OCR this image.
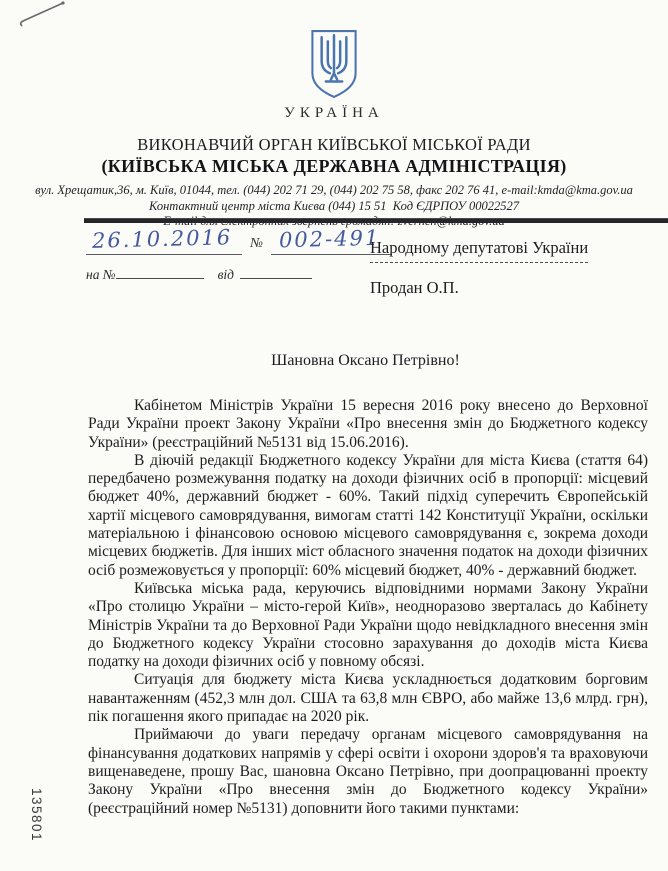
УКРАЇНА
ВИКОНАВЧИЙ ОРГАН КИЇВСЬКОЇ МІСЬКОЇ РАДИ
(КИЇВСЬКА МІСЬКА ДЕРЖАВНА АДМІНІСТРАЦІЯ)
вул. Хрещатик,36, м. Київ, 01044, тел. (044) 202 71 29, (044) 202 75 58, факс 202 76 41, e-mail:kmda@kma.gov.ua
Контактний центр міста Києва (044) 15 51  Код ЄДРПОУ 00022527
26.10.2016	№ 002-491
на №	від
Народному депутатові України
Продан О.П.
Шановна Оксано Петрівно!

Кабінетом Міністрів України 15 вересня 2016 року внесено до Верховної Ради України проект Закону України «Про внесення змін до Бюджетного кодексу України» (реєстраційний №5131 від 15.06.2016).

В діючій редакції Бюджетного кодексу України для міста Києва (стаття 64) передбачено розмежування податку на доходи фізичних осіб в пропорції: місцевий бюджет 40%, державний бюджет - 60%. Такий підхід суперечить Європейській хартії місцевого самоврядування, вимогам статті 142 Конституції України, оскільки матеріальною і фінансовою основою місцевого самоврядування є, зокрема доходи місцевих бюджетів. Для інших міст обласного значення податок на доходи фізичних осіб розмежовується у пропорції: 60% місцевий бюджет, 40% - державний бюджет.

Київська міська рада, керуючись відповідними нормами Закону України «Про столицю України – місто-герой Київ», неодноразово зверталась до Кабінету Міністрів України та до Верховної Ради України щодо невідкладного внесення змін до Бюджетного кодексу України стосовно зарахування до доходів міста Києва податку на доходи фізичних осіб у повному обсязі.

Ситуація для бюджету міста Києва ускладнюється додатковим борговим навантаженням (452,3 млн дол. США та 63,8 млн ЄВРО, або майже 13,6 млрд. грн), пік погашення якого припадає на 2020 рік.

Приймаючи до уваги передачу органам місцевого самоврядування на фінансування додаткових напрямів у сфері освіти і охорони здоров'я та враховуючи вищенаведене, прошу Вас, шановна Оксано Петрівно, при доопрацюванні проекту Закону України «Про внесення змін до Бюджетного кодексу України» (реєстраційний номер №5131) доповнити його такими пунктами:

135801
